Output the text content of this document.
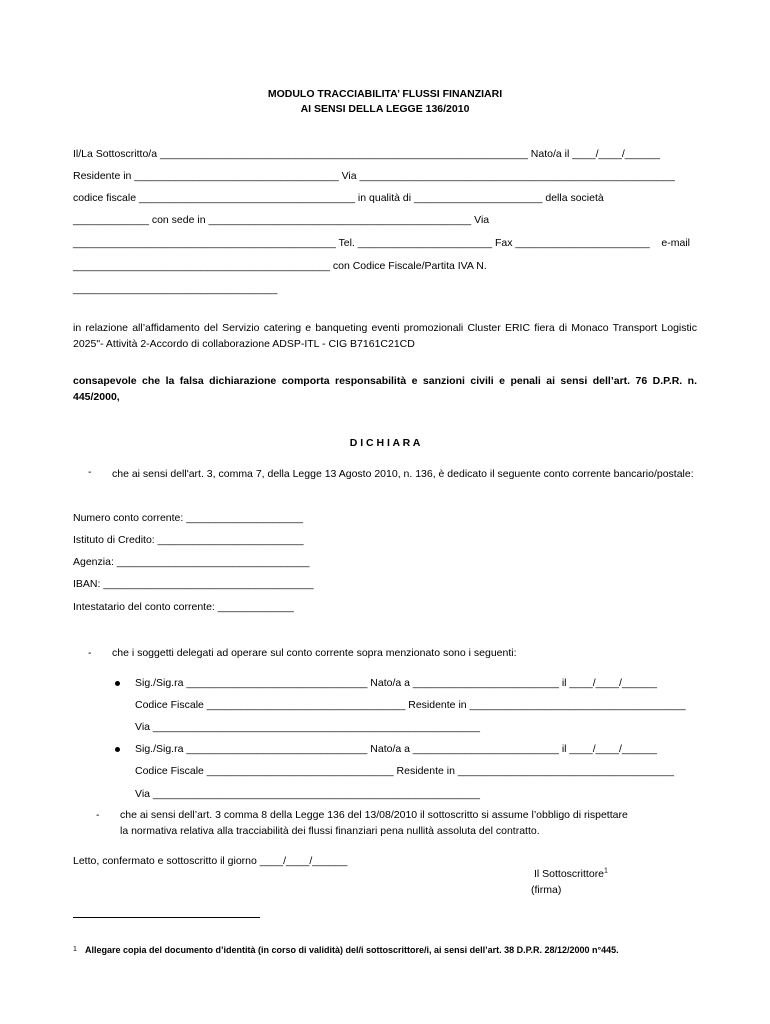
MODULO TRACCIABILITA’ FLUSSI FINANZIARI
AI SENSI DELLA LEGGE 136/2010
Il/La Sottoscritto/a _______________________________________________________________ Nato/a il ____/____/______
Residente in ___________________________________ Via ______________________________________________________
codice fiscale _____________________________________ in qualità di ______________________ della società
_____________ con sede in _____________________________________________ Via
_____________________________________________ Tel. _______________________ Fax _______________________    e-mail
____________________________________________ con Codice Fiscale/Partita IVA N.
___________________________________
in relazione all’affidamento del Servizio catering e banqueting eventi promozionali Cluster ERIC fiera di Monaco Transport Logistic 2025"- Attività 2-Accordo di collaborazione ADSP-ITL - CIG B7161C21CD
consapevole che la falsa dichiarazione comporta responsabilità e sanzioni civili e penali ai sensi dell’art. 76 D.P.R. n. 445/2000,
D I C H I A R A
- che ai sensi dell'art. 3, comma 7, della Legge 13 Agosto 2010, n. 136, è dedicato il seguente conto corrente bancario/postale:
Numero conto corrente: ____________________
Istituto di Credito: _________________________
Agenzia: _________________________________
IBAN: ____________________________________
Intestatario del conto corrente: _____________
- che i soggetti delegati ad operare sul conto corrente sopra menzionato sono i seguenti:
Sig./Sig.ra _______________________________ Nato/a a _________________________ il ____/____/______
Codice Fiscale __________________________________ Residente in _____________________________________
Via ________________________________________________________
Sig./Sig.ra _______________________________ Nato/a a _________________________ il ____/____/______
Codice Fiscale ________________________________ Residente in _____________________________________
Via ________________________________________________________
- che ai sensi dell’art. 3 comma 8 della Legge 136 del 13/08/2010 il sottoscritto si assume l’obbligo di rispettare
la normativa relativa alla tracciabilità dei flussi finanziari pena nullità assoluta del contratto.
Letto, confermato e sottoscritto il giorno ____/____/______
Il Sottoscrittore$^1$
(firma)
1 Allegare copia del documento d’identità (in corso di validità) del/i sottoscrittore/i, ai sensi dell’art. 38 D.P.R. 28/12/2000 n°445.
